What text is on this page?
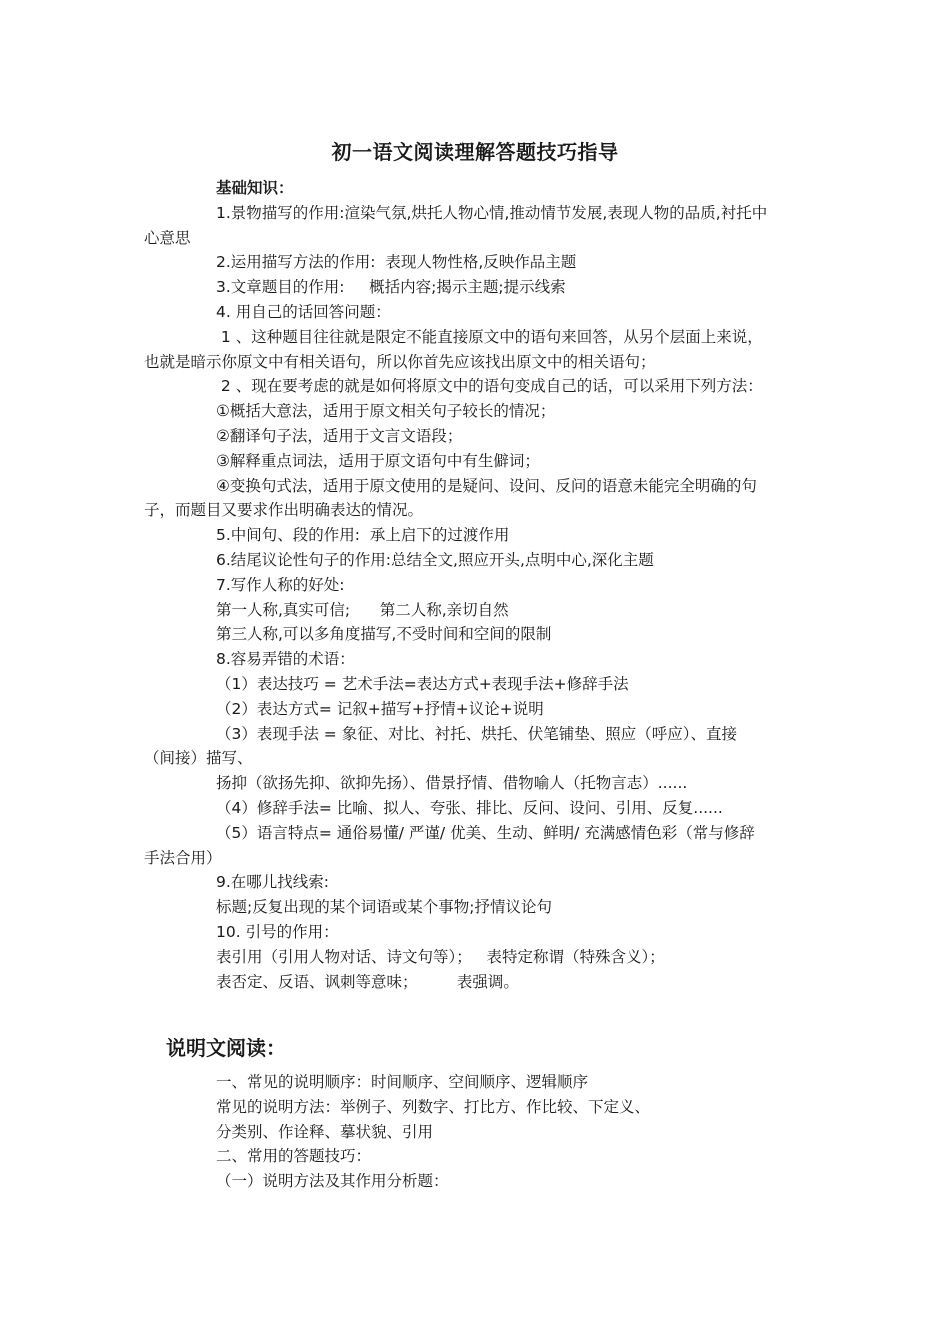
初一语文阅读理解答题技巧指导

基础知识：

1.景物描写的作用:渲染气氛,烘托人物心情,推动情节发展,表现人物的品质,衬托中

心意思

2.运用描写方法的作用:  表现人物性格,反映作品主题

3.文章题目的作用:     概括内容;揭示主题;提示线索

4. 用自己的话回答问题：

1 、这种题目往往就是限定不能直接原文中的语句来回答，从另个层面上来说，

也就是暗示你原文中有相关语句，所以你首先应该找出原文中的相关语句；

2 、现在要考虑的就是如何将原文中的语句变成自己的话，可以采用下列方法：

①概括大意法，适用于原文相关句子较长的情况；

②翻译句子法，适用于文言文语段；

③解释重点词法，适用于原文语句中有生僻词；

④变换句式法，适用于原文使用的是疑问、设问、反问的语意未能完全明确的句

子，而题目又要求作出明确表达的情况。

5.中间句、段的作用:  承上启下的过渡作用

6.结尾议论性句子的作用:总结全文,照应开头,点明中心,深化主题

7.写作人称的好处:

第一人称,真实可信;      第二人称,亲切自然

第三人称,可以多角度描写,不受时间和空间的限制

8.容易弄错的术语：

（1）表达技巧 = 艺术手法=表达方式+表现手法+修辞手法

（2）表达方式= 记叙+描写+抒情+议论+说明

（3）表现手法 = 象征、对比、衬托、烘托、伏笔铺垫、照应（呼应）、直接

（间接）描写、

扬抑（欲扬先抑、欲抑先扬）、借景抒情、借物喻人（托物言志）......

（4）修辞手法= 比喻、拟人、夸张、排比、反问、设问、引用、反复......

（5）语言特点= 通俗易懂/ 严谨/ 优美、生动、鲜明/ 充满感情色彩（常与修辞

手法合用）

9.在哪儿找线索:

标题;反复出现的某个词语或某个事物;抒情议论句

10. 引号的作用：

表引用（引用人物对话、诗文句等）；   表特定称谓（特殊含义）；

表否定、反语、讽刺等意味；        表强调。

说明文阅读：

一、常见的说明顺序：时间顺序、空间顺序、逻辑顺序

常见的说明方法：举例子、列数字、打比方、作比较、下定义、

分类别、作诠释、摹状貌、引用

二、常用的答题技巧：

（一）说明方法及其作用分析题：
